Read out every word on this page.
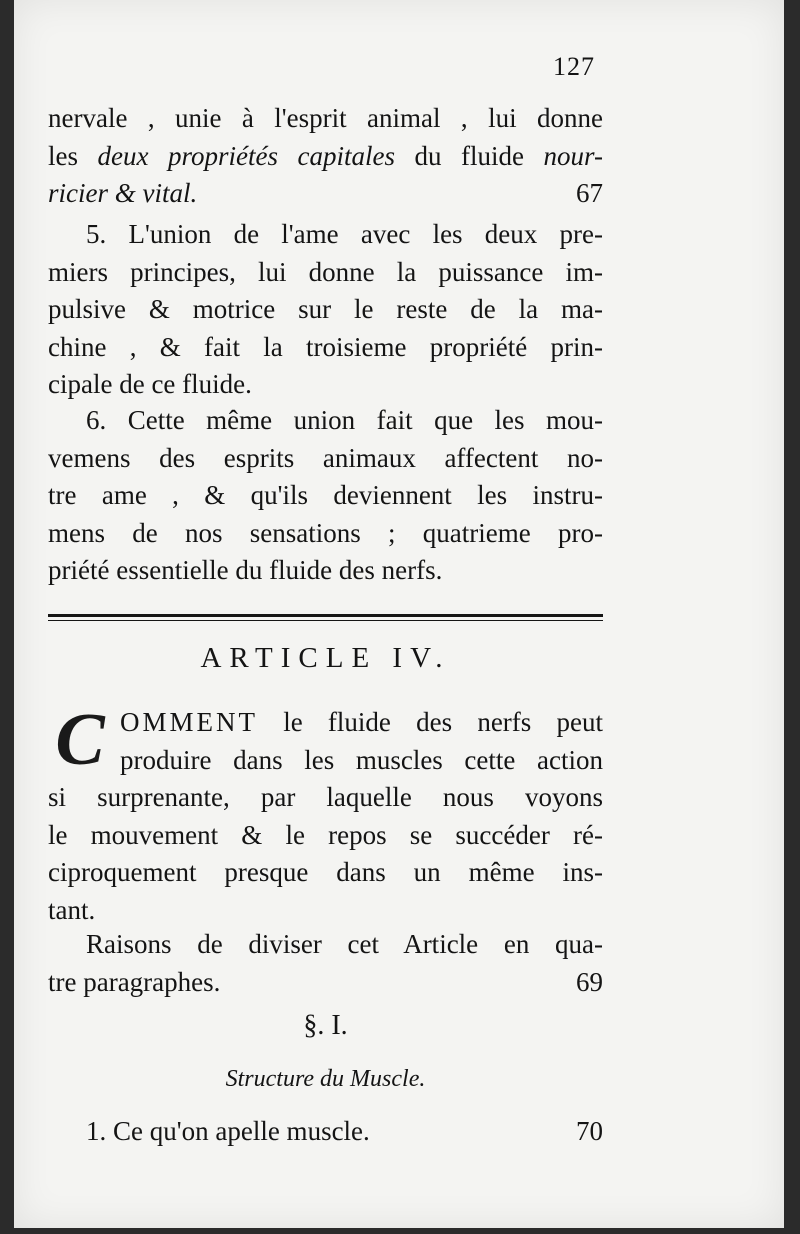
127
nervale , unie à l'esprit animal , lui donne
les deux propriétés capitales du fluide nour-
ricier & vital.	67
5. L'union de l'ame avec les deux pre-
miers principes, lui donne la puissance im-
pulsive & motrice sur le reste de la ma-
chine , & fait la troisieme propriété prin-
cipale de ce fluide.
6. Cette même union fait que les mou-
vemens des esprits animaux affectent no-
tre ame , & qu'ils deviennent les instru-
mens de nos sensations ; quatrieme pro-
priété essentielle du fluide des nerfs.
ARTICLE IV.
C OMMENT le fluide des nerfs peut
produire dans les muscles cette action
si surprenante, par laquelle nous voyons
le mouvement & le repos se succéder ré-
ciproquement presque dans un même ins-
tant.
Raisons de diviser cet Article en qua-
tre paragraphes.	69
§. I.
Structure du Muscle.
1. Ce qu'on apelle muscle.	70
